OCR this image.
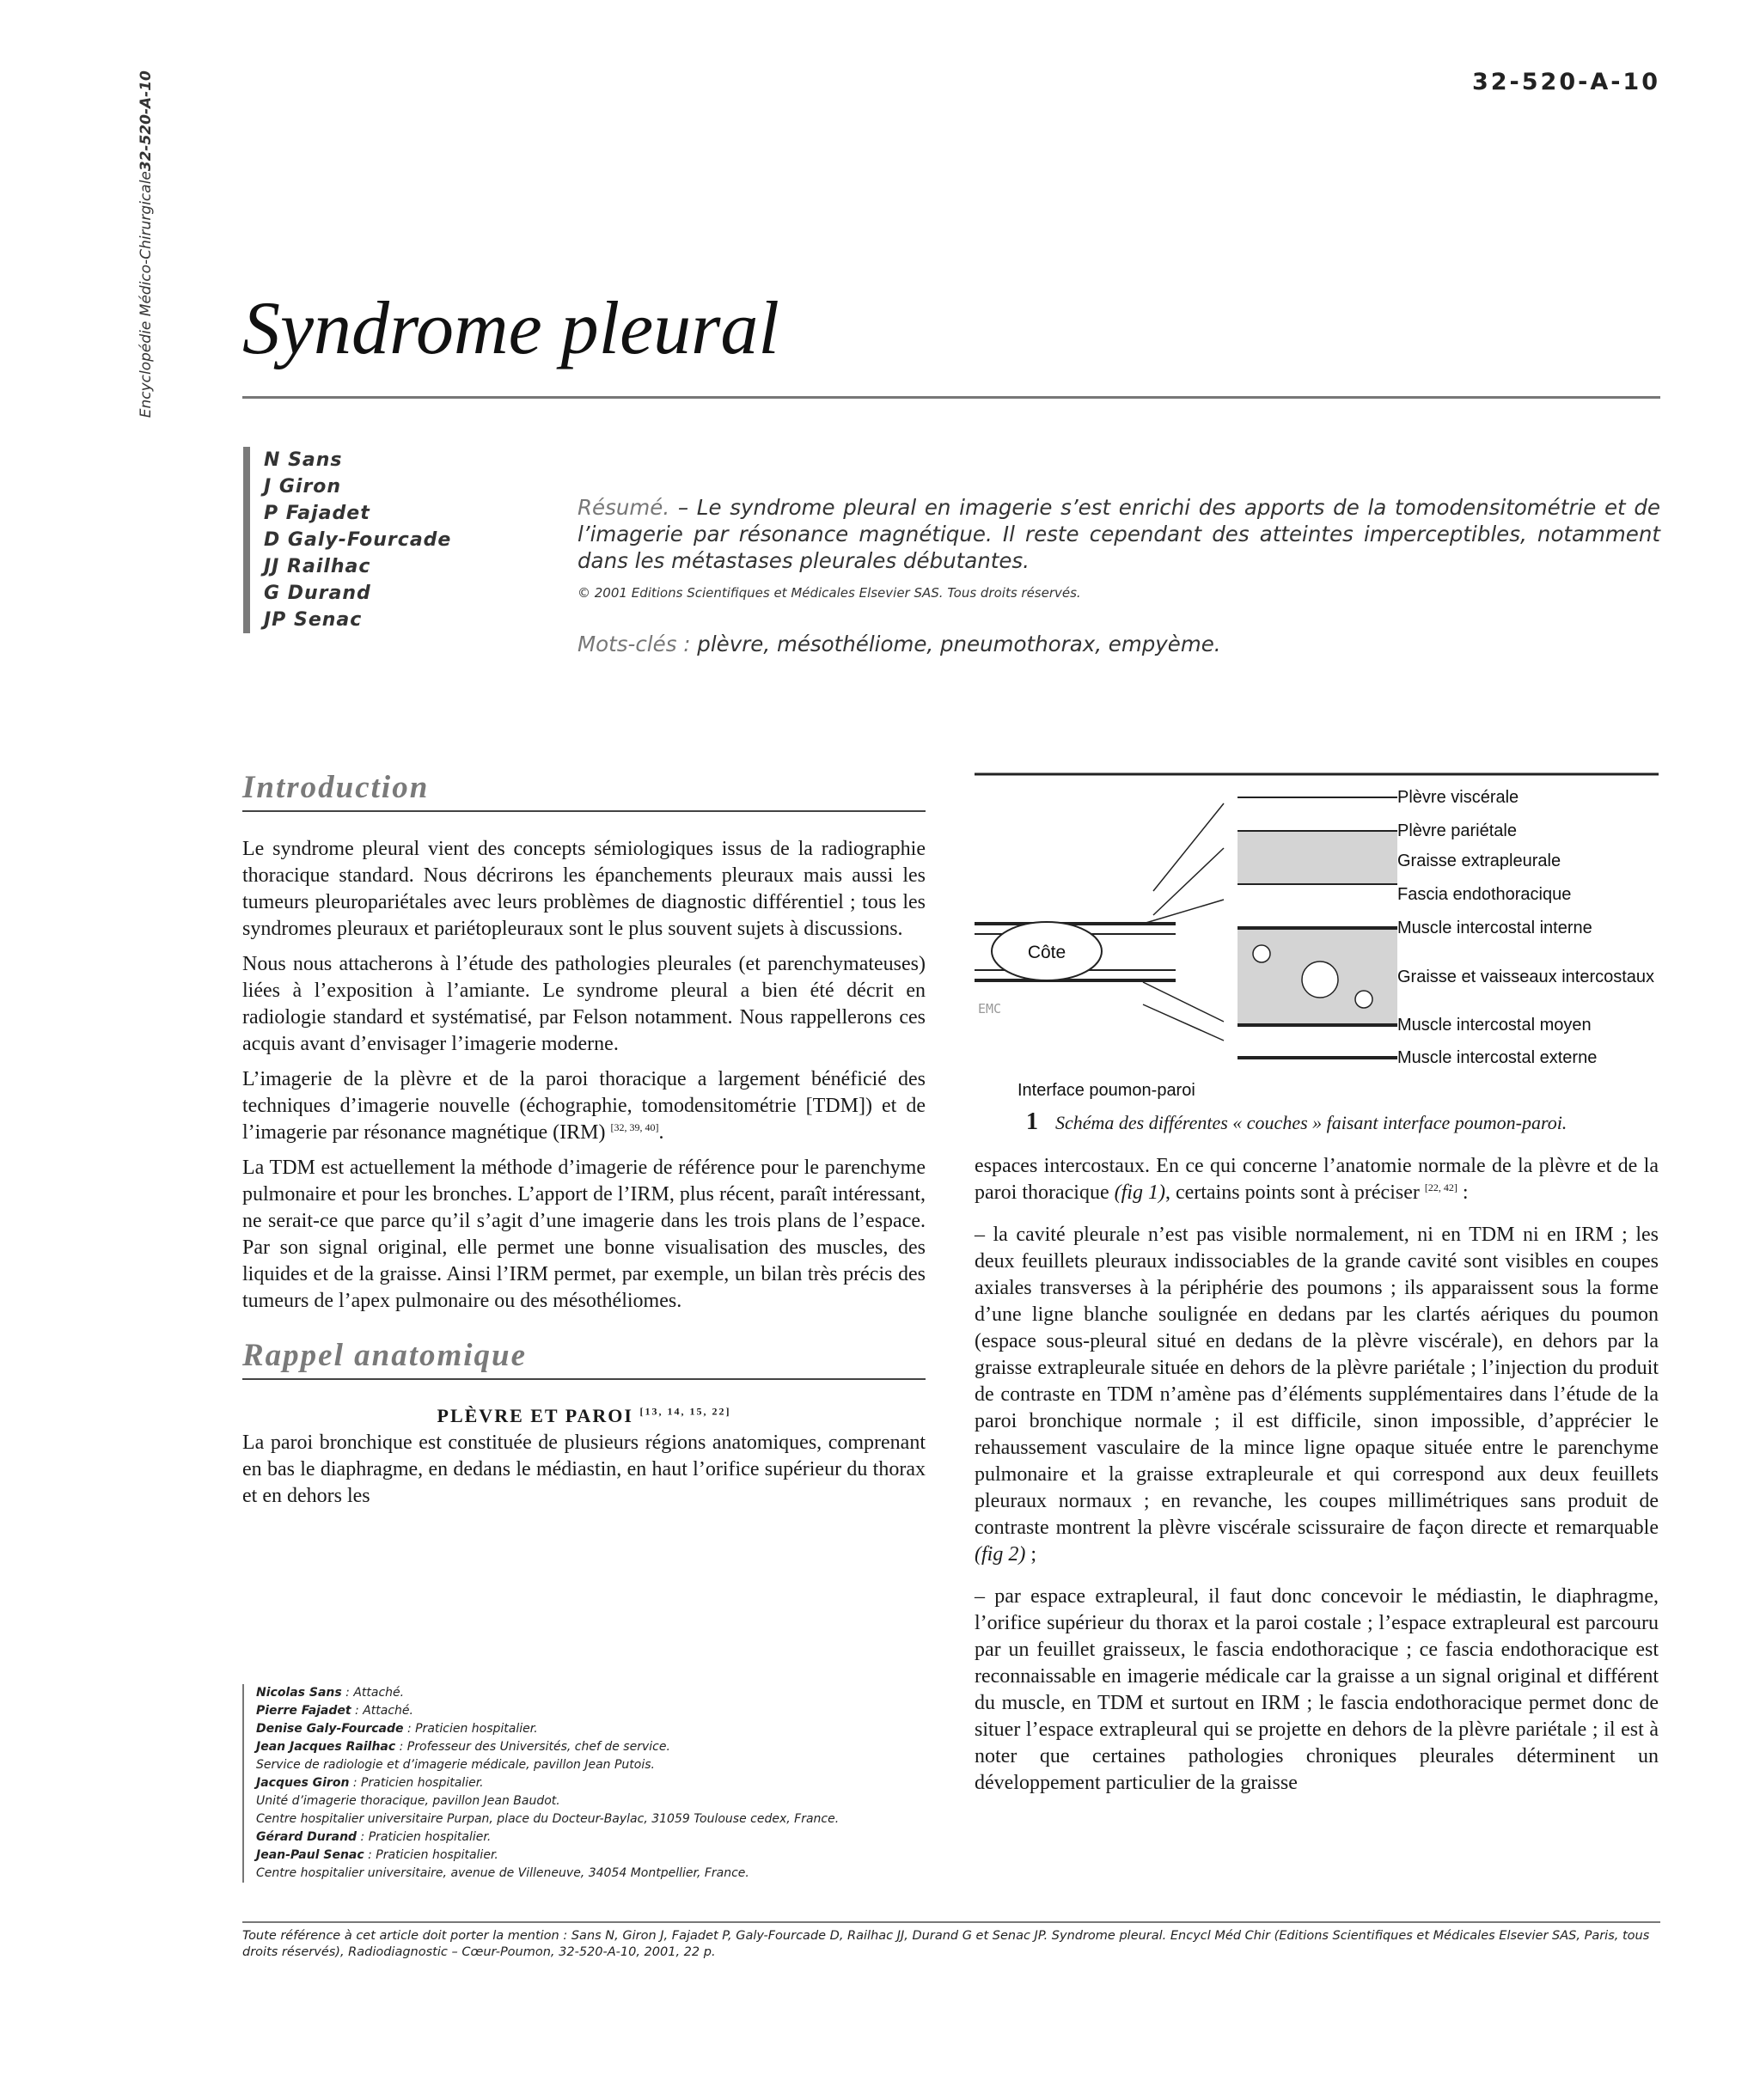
Encyclopédie Médico-Chirurgicale32-520-A-10	32-520-A-10
Syndrome pleural
N Sans
J Giron
P Fajadet
D Galy-Fourcade
JJ Railhac
G Durand
JP Senac

Résumé. – Le syndrome pleural en imagerie s’est enrichi des apports de la tomodensitométrie et de l’imagerie par résonance magnétique. Il reste cependant des atteintes imperceptibles, notamment dans les métastases pleurales débutantes.

© 2001 Editions Scientifiques et Médicales Elsevier SAS. Tous droits réservés.

Mots-clés : plèvre, mésothéliome, pneumothorax, empyème.

Introduction

Le syndrome pleural vient des concepts sémiologiques issus de la radiographie thoracique standard. Nous décrirons les épanchements pleuraux mais aussi les tumeurs pleuropariétales avec leurs problèmes de diagnostic différentiel ; tous les syndromes pleuraux et pariétopleuraux sont le plus souvent sujets à discussions.

Nous nous attacherons à l’étude des pathologies pleurales (et parenchymateuses) liées à l’exposition à l’amiante. Le syndrome pleural a bien été décrit en radiologie standard et systématisé, par Felson notamment. Nous rappellerons ces acquis avant d’envisager l’imagerie moderne.

L’imagerie de la plèvre et de la paroi thoracique a largement bénéficié des techniques d’imagerie nouvelle (échographie, tomodensitométrie [TDM]) et de l’imagerie par résonance magnétique (IRM) [32, 39, 40].

La TDM est actuellement la méthode d’imagerie de référence pour le parenchyme pulmonaire et pour les bronches. L’apport de l’IRM, plus récent, paraît intéressant, ne serait-ce que parce qu’il s’agit d’une imagerie dans les trois plans de l’espace. Par son signal original, elle permet une bonne visualisation des muscles, des liquides et de la graisse. Ainsi l’IRM permet, par exemple, un bilan très précis des tumeurs de l’apex pulmonaire ou des mésothéliomes.

Rappel anatomique
PLÈVRE ET PAROI [13, 14, 15, 22]

La paroi bronchique est constituée de plusieurs régions anatomiques, comprenant en bas le diaphragme, en dedans le médiastin, en haut l’orifice supérieur du thorax et en dehors les

Côte
EMC
Plèvre viscérale
Plèvre pariétale
Graisse extrapleurale
Fascia endothoracique
Muscle intercostal interne
Graisse et vaisseaux intercostaux
Muscle intercostal moyen
Muscle intercostal externe
Interface poumon-paroi
1 Schéma des différentes « couches » faisant interface poumon-paroi.

espaces intercostaux. En ce qui concerne l’anatomie normale de la plèvre et de la paroi thoracique (fig 1), certains points sont à préciser [22, 42] :

– la cavité pleurale n’est pas visible normalement, ni en TDM ni en IRM ; les deux feuillets pleuraux indissociables de la grande cavité sont visibles en coupes axiales transverses à la périphérie des poumons ; ils apparaissent sous la forme d’une ligne blanche soulignée en dedans par les clartés aériques du poumon (espace sous-pleural situé en dedans de la plèvre viscérale), en dehors par la graisse extrapleurale située en dehors de la plèvre pariétale ; l’injection du produit de contraste en TDM n’amène pas d’éléments supplémentaires dans l’étude de la paroi bronchique normale ; il est difficile, sinon impossible, d’apprécier le rehaussement vasculaire de la mince ligne opaque située entre le parenchyme pulmonaire et la graisse extrapleurale et qui correspond aux deux feuillets pleuraux normaux ; en revanche, les coupes millimétriques sans produit de contraste montrent la plèvre viscérale scissuraire de façon directe et remarquable (fig 2) ;

– par espace extrapleural, il faut donc concevoir le médiastin, le diaphragme, l’orifice supérieur du thorax et la paroi costale ; l’espace extrapleural est parcouru par un feuillet graisseux, le fascia endothoracique ; ce fascia endothoracique est reconnaissable en imagerie médicale car la graisse a un signal original et différent du muscle, en TDM et surtout en IRM ; le fascia endothoracique permet donc de situer l’espace extrapleural qui se projette en dehors de la plèvre pariétale ; il est à noter que certaines pathologies chroniques pleurales déterminent un développement particulier de la graisse

Nicolas Sans : Attaché.
Pierre Fajadet : Attaché.
Denise Galy-Fourcade : Praticien hospitalier.
Jean Jacques Railhac : Professeur des Universités, chef de service.
Service de radiologie et d’imagerie médicale, pavillon Jean Putois.
Jacques Giron : Praticien hospitalier.
Unité d’imagerie thoracique, pavillon Jean Baudot.
Centre hospitalier universitaire Purpan, place du Docteur-Baylac, 31059 Toulouse cedex, France.
Gérard Durand : Praticien hospitalier.
Jean-Paul Senac : Praticien hospitalier.
Centre hospitalier universitaire, avenue de Villeneuve, 34054 Montpellier, France.

Toute référence à cet article doit porter la mention : Sans N, Giron J, Fajadet P, Galy-Fourcade D, Railhac JJ, Durand G et Senac JP. Syndrome pleural. Encycl Méd Chir (Editions Scientifiques et Médicales Elsevier SAS, Paris, tous droits réservés), Radiodiagnostic – Cœur-Poumon, 32-520-A-10, 2001, 22 p.
